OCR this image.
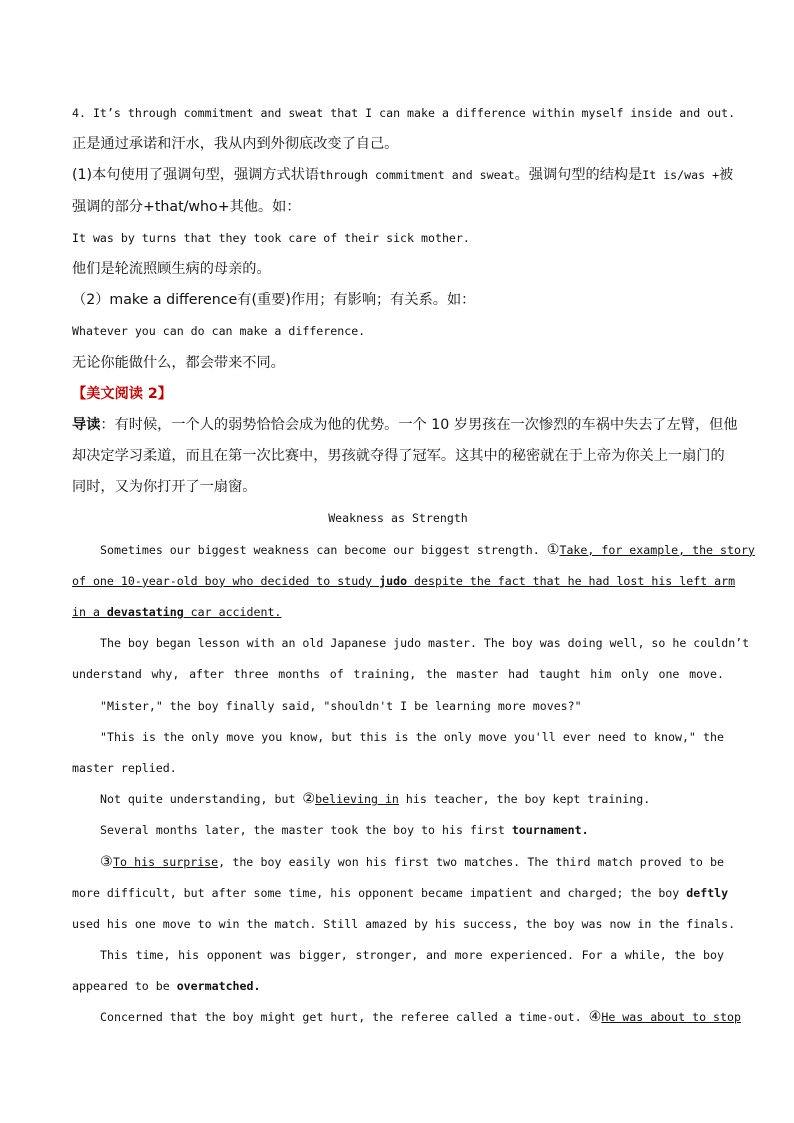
4. It’s through commitment and sweat that I can make a difference within myself inside and out.
正是通过承诺和汗水，我从内到外彻底改变了自己。
(1)本句使用了强调句型，强调方式状语through commitment and sweat。强调句型的结构是It is/was +被
强调的部分+that/who+其他。如：
It was by turns that they took care of their sick mother.
他们是轮流照顾生病的母亲的。
（2）make a difference有(重要)作用；有影响；有关系。如：
Whatever you can do can make a difference.
无论你能做什么，都会带来不同。
【美文阅读 2】
导读：有时候，一个人的弱势恰恰会成为他的优势。一个 10 岁男孩在一次惨烈的车祸中失去了左臂，但他
却决定学习柔道，而且在第一次比赛中，男孩就夺得了冠军。这其中的秘密就在于上帝为你关上一扇门的
同时，又为你打开了一扇窗。
Weakness as Strength
Sometimes our biggest weakness can become our biggest strength. ①Take, for example, the story
of one 10-year-old boy who decided to study judo despite the fact that he had lost his left arm
in a devastating car accident.
The boy began lesson with an old Japanese judo master. The boy was doing well, so he couldn’t
understand why, after three months of training, the master had taught him only one move.
"Mister," the boy finally said, "shouldn't I be learning more moves?"
"This is the only move you know, but this is the only move you'll ever need to know," the
master replied.
Not quite understanding, but ②believing in his teacher, the boy kept training.
Several months later, the master took the boy to his first tournament.
③To his surprise, the boy easily won his first two matches. The third match proved to be
more difficult, but after some time, his opponent became impatient and charged; the boy deftly
used his one move to win the match. Still amazed by his success, the boy was now in the finals.
This time, his opponent was bigger, stronger, and more experienced. For a while, the boy
appeared to be overmatched.
Concerned that the boy might get hurt, the referee called a time-out. ④He was about to stop
